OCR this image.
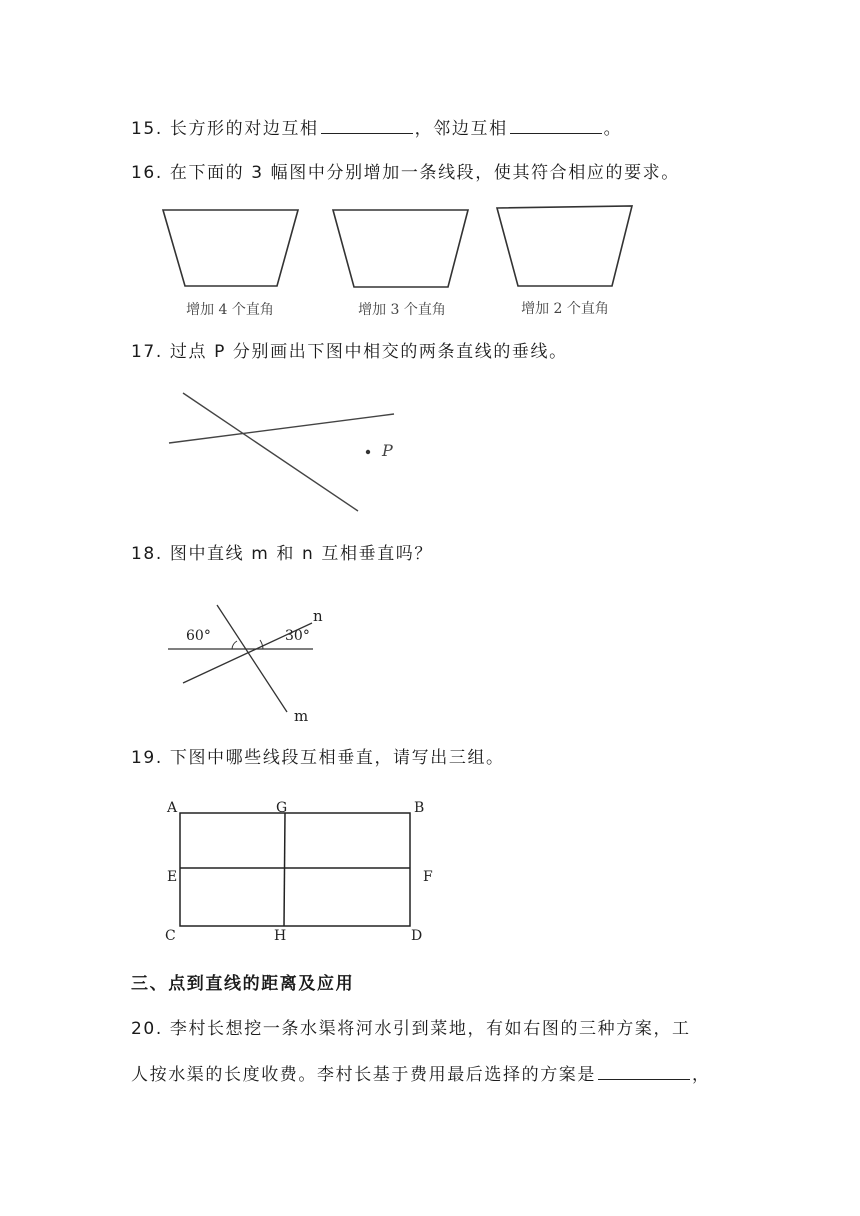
15. 长方形的对边互相	，邻边互相	。
16. 在下面的 3 幅图中分别增加一条线段，使其符合相应的要求。
增加 4 个直角	增加 3 个直角	增加 2 个直角
17. 过点 P 分别画出下图中相交的两条直线的垂线。
P
18. 图中直线 m 和 n 互相垂直吗？
60°	30°
n
m
19. 下图中哪些线段互相垂直，请写出三组。
A	G	B
E	F
C	H	D
三、点到直线的距离及应用
20. 李村长想挖一条水渠将河水引到菜地，有如右图的三种方案，工
人按水渠的长度收费。李村长基于费用最后选择的方案是	，
